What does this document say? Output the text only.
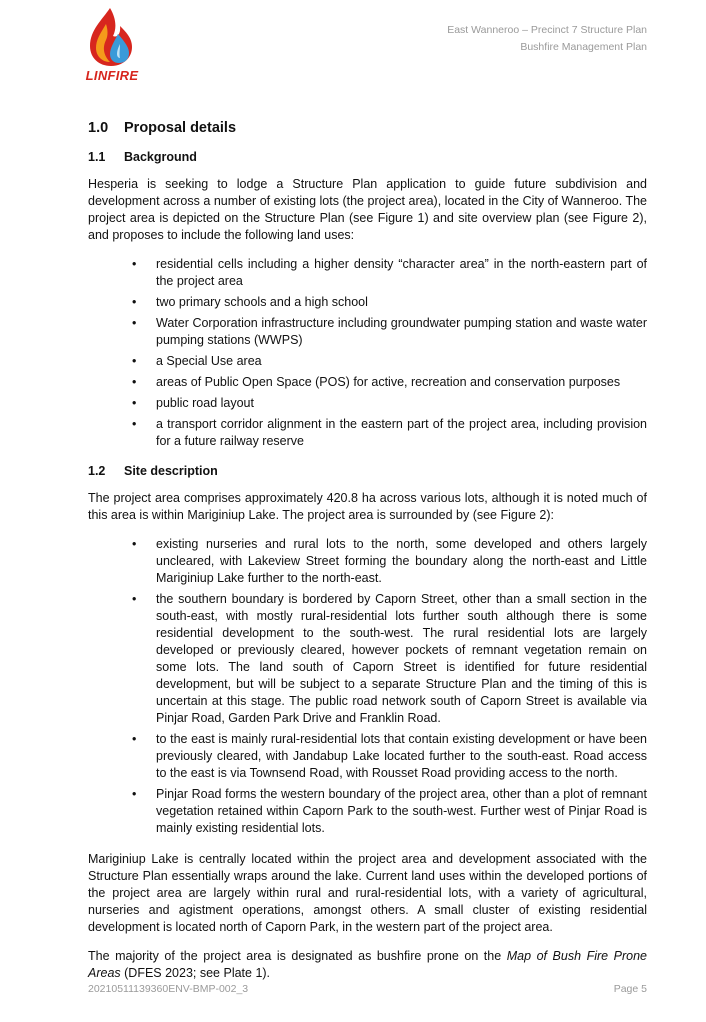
LINFIRE
East Wanneroo – Precinct 7 Structure Plan
Bushfire Management Plan
1.0 Proposal details
1.1 Background

Hesperia is seeking to lodge a Structure Plan application to guide future subdivision and development across a number of existing lots (the project area), located in the City of Wanneroo. The project area is depicted on the Structure Plan (see Figure 1) and site overview plan (see Figure 2), and proposes to include the following land uses:

• residential cells including a higher density “character area” in the north-eastern part of the project area
• two primary schools and a high school
• Water Corporation infrastructure including groundwater pumping station and waste water pumping stations (WWPS)
• a Special Use area
• areas of Public Open Space (POS) for active, recreation and conservation purposes
• public road layout
• a transport corridor alignment in the eastern part of the project area, including provision for a future railway reserve
1.2 Site description

The project area comprises approximately 420.8 ha across various lots, although it is noted much of this area is within Mariginiup Lake. The project area is surrounded by (see Figure 2):

• existing nurseries and rural lots to the north, some developed and others largely uncleared, with Lakeview Street forming the boundary along the north-east and Little Mariginiup Lake further to the north-east.
• the southern boundary is bordered by Caporn Street, other than a small section in the south-east, with mostly rural-residential lots further south although there is some residential development to the south-west. The rural residential lots are largely developed or previously cleared, however pockets of remnant vegetation remain on some lots. The land south of Caporn Street is identified for future residential development, but will be subject to a separate Structure Plan and the timing of this is uncertain at this stage. The public road network south of Caporn Street is available via Pinjar Road, Garden Park Drive and Franklin Road.
• to the east is mainly rural-residential lots that contain existing development or have been previously cleared, with Jandabup Lake located further to the south-east. Road access to the east is via Townsend Road, with Rousset Road providing access to the north.
• Pinjar Road forms the western boundary of the project area, other than a plot of remnant vegetation retained within Caporn Park to the south-west. Further west of Pinjar Road is mainly existing residential lots.

Mariginiup Lake is centrally located within the project area and development associated with the Structure Plan essentially wraps around the lake. Current land uses within the developed portions of the project area are largely within rural and rural-residential lots, with a variety of agricultural, nurseries and agistment operations, amongst others. A small cluster of existing residential development is located north of Caporn Park, in the western part of the project area.

The majority of the project area is designated as bushfire prone on the Map of Bush Fire Prone Areas (DFES 2023; see Plate 1).

20210511139360ENV-BMP-002_3	Page 5
